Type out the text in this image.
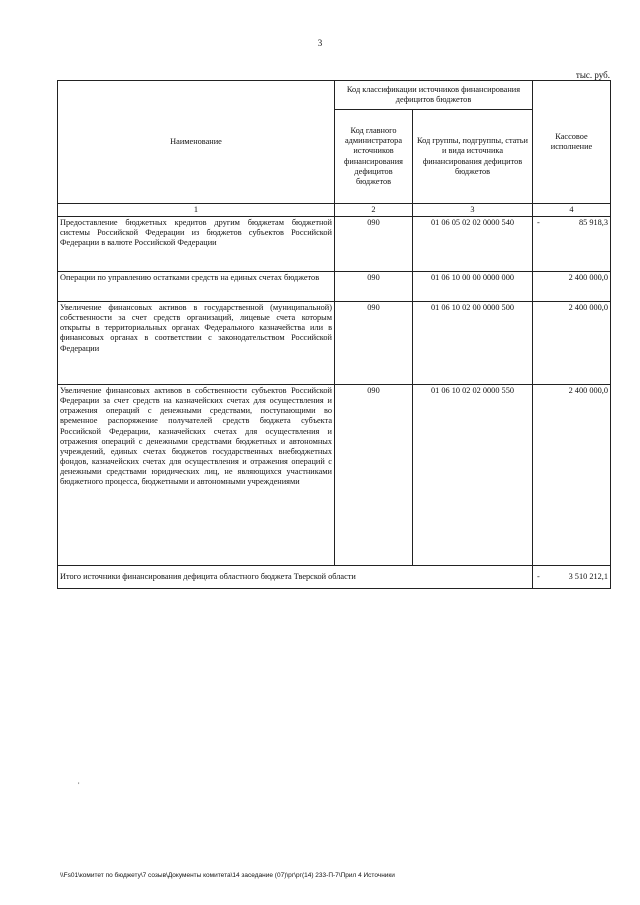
3
тыс. руб.
Наименование	Код классификации источников финансирования дефицитов бюджетов		Кассовое исполнение
	Код главного администратора источников финансирования дефицитов бюджетов	Код группы, подгруппы, статьи и вида источника финансирования дефицитов бюджетов	
1	2	3	4
Предоставление бюджетных кредитов другим бюджетам бюджетной системы Российской Федерации из бюджетов субъектов Российской Федерации в валюте Российской Федерации	090	01 06 05 02 02 0000 540	- 85 918,3
Операции по управлению остатками средств на единых счетах бюджетов	090	01 06 10 00 00 0000 000	2 400 000,0
Увеличение финансовых активов в государственной (муниципальной) собственности за счет средств организаций, лицевые счета которым открыты в территориальных органах Федерального казначейства или в финансовых органах в соответствии с законодательством Российской Федерации	090	01 06 10 02 00 0000 500	2 400 000,0
Увеличение финансовых активов в собственности субъектов Российской Федерации за счет средств на казначейских счетах для осуществления и отражения операций с денежными средствами, поступающими во временное распоряжение получателей средств бюджета субъекта Российской Федерации, казначейских счетах для осуществления и отражения операций с денежными средствами бюджетных и автономных учреждений, единых счетах бюджетов государственных внебюджетных фондов, казначейских счетах для осуществления и отражения операций с денежными средствами юридических лиц, не являющихся участниками бюджетного процесса, бюджетными и автономными учреждениями	090	01 06 10 02 02 0000 550	2 400 000,0
Итого источники финансирования дефицита областного бюджета Тверской области			- 3 510 212,1
,
\\Fs01\комитет по бюджету\7 созыв\Документы комитета\14 заседание (07)\рг\рг(14) 233-П-7\Прил 4 Источники
